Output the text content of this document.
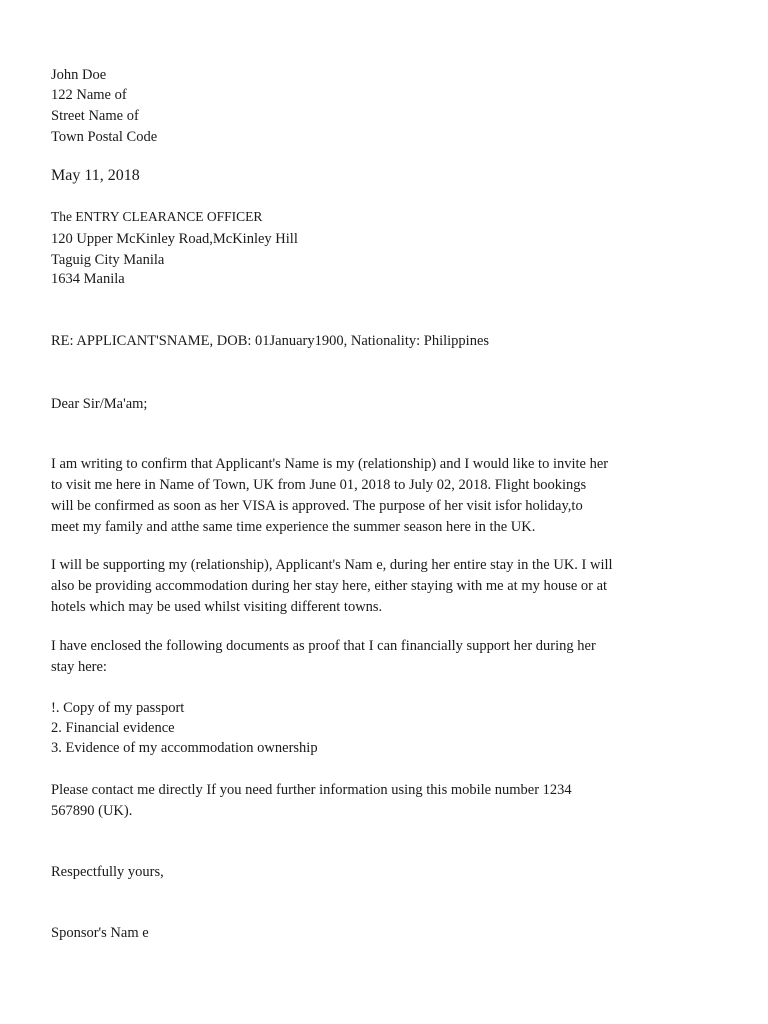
John Doe
122 Name of
Street Name of
Town Postal Code
May 11, 2018
The ENTRY CLEARANCE OFFICER
120 Upper McKinley Road,McKinley Hill
Taguig City Manila
1634 Manila
RE: APPLICANT'SNAME, DOB: 01January1900, Nationality: Philippines
Dear Sir/Ma'am;
I am writing to confirm that Applicant's Name is my (relationship) and I would like to invite her
to visit me here in Name of Town, UK from June 01, 2018 to July 02, 2018. Flight bookings
will be confirmed as soon as her VISA is approved. The purpose of her visit isfor holiday,to
meet my family and atthe same time experience the summer season here in the UK.
I will be supporting my (relationship), Applicant's Nam e, during her entire stay in the UK. I will
also be providing accommodation during her stay here, either staying with me at my house or at
hotels which may be used whilst visiting different towns.
I have enclosed the following documents as proof that I can financially support her during her
stay here:
!. Copy of my passport
2. Financial evidence
3. Evidence of my accommodation ownership
Please contact me directly If you need further information using this mobile number 1234
567890 (UK).
Respectfully yours,
Sponsor's Nam e
